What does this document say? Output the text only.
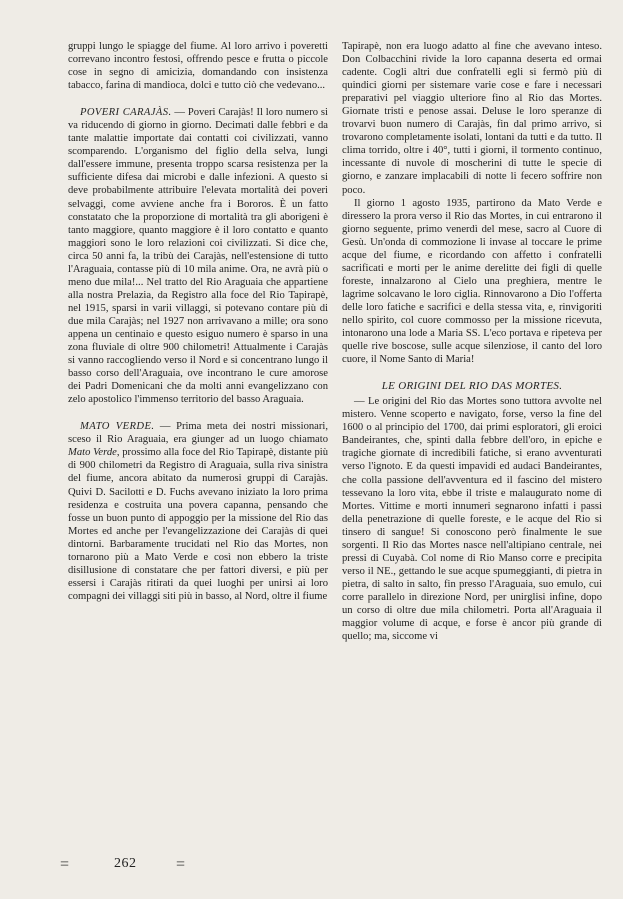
gruppi lungo le spiagge del fiume. Al loro arrivo i poveretti correvano incontro festosi, offrendo pesce e frutta o piccole cose in segno di amicizia, domandando con insistenza tabacco, farina di mandioca, dolci e tutto ciò che vedevano...

POVERI CARAJÀS. — Poveri Carajàs! Il loro numero si va riducendo di giorno in giorno. Decimati dalle febbri e da tante malattie importate dai contatti coi civilizzati, vanno scomparendo. L'organismo del figlio della selva, lungi dall'essere immune, presenta troppo scarsa resistenza per la sufficiente difesa dai microbi e dalle infezioni. A questo si deve probabilmente attribuire l'elevata mortalità dei poveri selvaggi, come avviene anche fra i Bororos. È un fatto constatato che la proporzione di mortalità tra gli aborigeni è tanto maggiore, quanto maggiore è il loro contatto e quanto maggiori sono le loro relazioni coi civilizzati. Si dice che, circa 50 anni fa, la tribù dei Carajàs, nell'estensione di tutto l'Araguaia, contasse più di 10 mila anime. Ora, ne avrà più o meno due mila!... Nel tratto del Rio Araguaia che appartiene alla nostra Prelazia, da Registro alla foce del Rio Tapirapè, nel 1915, sparsi in varii villaggi, si potevano contare più di due mila Carajàs; nel 1927 non arrivavano a mille; ora sono appena un centinaio e questo esiguo numero è sparso in una zona fluviale di oltre 900 chilometri! Attualmente i Carajàs si vanno raccogliendo verso il Nord e si concentrano lungo il basso corso dell'Araguaia, ove incontrano le cure amorose dei Padri Domenicani che da molti anni evangelizzano con zelo apostolico l'immenso territorio del basso Araguaia.

MATO VERDE. — Prima meta dei nostri missionari, sceso il Rio Araguaia, era giunger ad un luogo chiamato Mato Verde, prossimo alla foce del Rio Tapirapè, distante più di 900 chilometri da Registro di Araguaia, sulla riva sinistra del fiume, ancora abitato da numerosi gruppi di Carajàs. Quivi D. Sacilotti e D. Fuchs avevano iniziato la loro prima residenza e costruita una povera capanna, pensando che fosse un buon punto di appoggio per la missione del Rio das Mortes ed anche per l'evangelizzazione dei Carajàs di quei dintorni. Barbaramente trucidati nel Rio das Mortes, non tornarono più a Mato Verde e così non ebbero la triste disillusione di constatare che per fattori diversi, e più per essersi i Carajàs ritirati da quei luoghi per unirsi ai loro compagni dei villaggi siti più in basso, al Nord, oltre il fiume

Tapirapè, non era luogo adatto al fine che avevano inteso. Don Colbacchini rivide la loro capanna deserta ed ormai cadente. Cogli altri due confratelli egli si fermò più di quindici giorni per sistemare varie cose e fare i necessari preparativi pel viaggio ulteriore fino al Rio das Mortes. Giornate tristi e penose assai. Deluse le loro speranze di trovarvi buon numero di Carajàs, fin dal primo arrivo, si trovarono completamente isolati, lontani da tutti e da tutto. Il clima torrido, oltre i 40°, tutti i giorni, il tormento continuo, incessante di nuvole di moscherini di tutte le specie di giorno, e zanzare implacabili di notte li fecero soffrire non poco.

Il giorno 1 agosto 1935, partirono da Mato Verde e diressero la prora verso il Rio das Mortes, in cui entrarono il giorno seguente, primo venerdì del mese, sacro al Cuore di Gesù. Un'onda di commozione li invase al toccare le prime acque del fiume, e ricordando con affetto i confratelli sacrificati e morti per le anime derelitte dei figli di quelle foreste, innalzarono al Cielo una preghiera, mentre le lagrime solcavano le loro ciglia. Rinnovarono a Dio l'offerta delle loro fatiche e sacrifici e della stessa vita, e, rinvigoriti nello spirito, col cuore commosso per la missione ricevuta, intonarono una lode a Maria SS. L'eco portava e ripeteva per quelle rive boscose, sulle acque silenziose, il canto del loro cuore, il Nome Santo di Maria!

LE ORIGINI DEL RIO DAS MORTES.

— Le origini del Rio das Mortes sono tuttora avvolte nel mistero. Venne scoperto e navigato, forse, verso la fine del 1600 o al principio del 1700, dai primi esploratori, gli eroici Bandeirantes, che, spinti dalla febbre dell'oro, in epiche e tragiche giornate di incredibili fatiche, si erano avventurati verso l'ignoto. E da questi impavidi ed audaci Bandeirantes, che colla passione dell'avventura ed il fascino del mistero tessevano la loro vita, ebbe il triste e malaugurato nome di Mortes. Vittime e morti innumeri segnarono infatti i passi della penetrazione di quelle foreste, e le acque del Rio si tinsero di sangue! Si conoscono però finalmente le sue sorgenti. Il Rio das Mortes nasce nell'altipiano centrale, nei pressi di Cuyabà. Col nome di Rio Manso corre e precipita verso il NE., gettando le sue acque spumeggianti, di pietra in pietra, di salto in salto, fin presso l'Araguaia, suo emulo, cui corre parallelo in direzione Nord, per unirglisi infine, dopo un corso di oltre due mila chilometri. Porta all'Araguaia il maggior volume di acque, e forse è ancor più grande di quello; ma, siccome vi

=	262 =
